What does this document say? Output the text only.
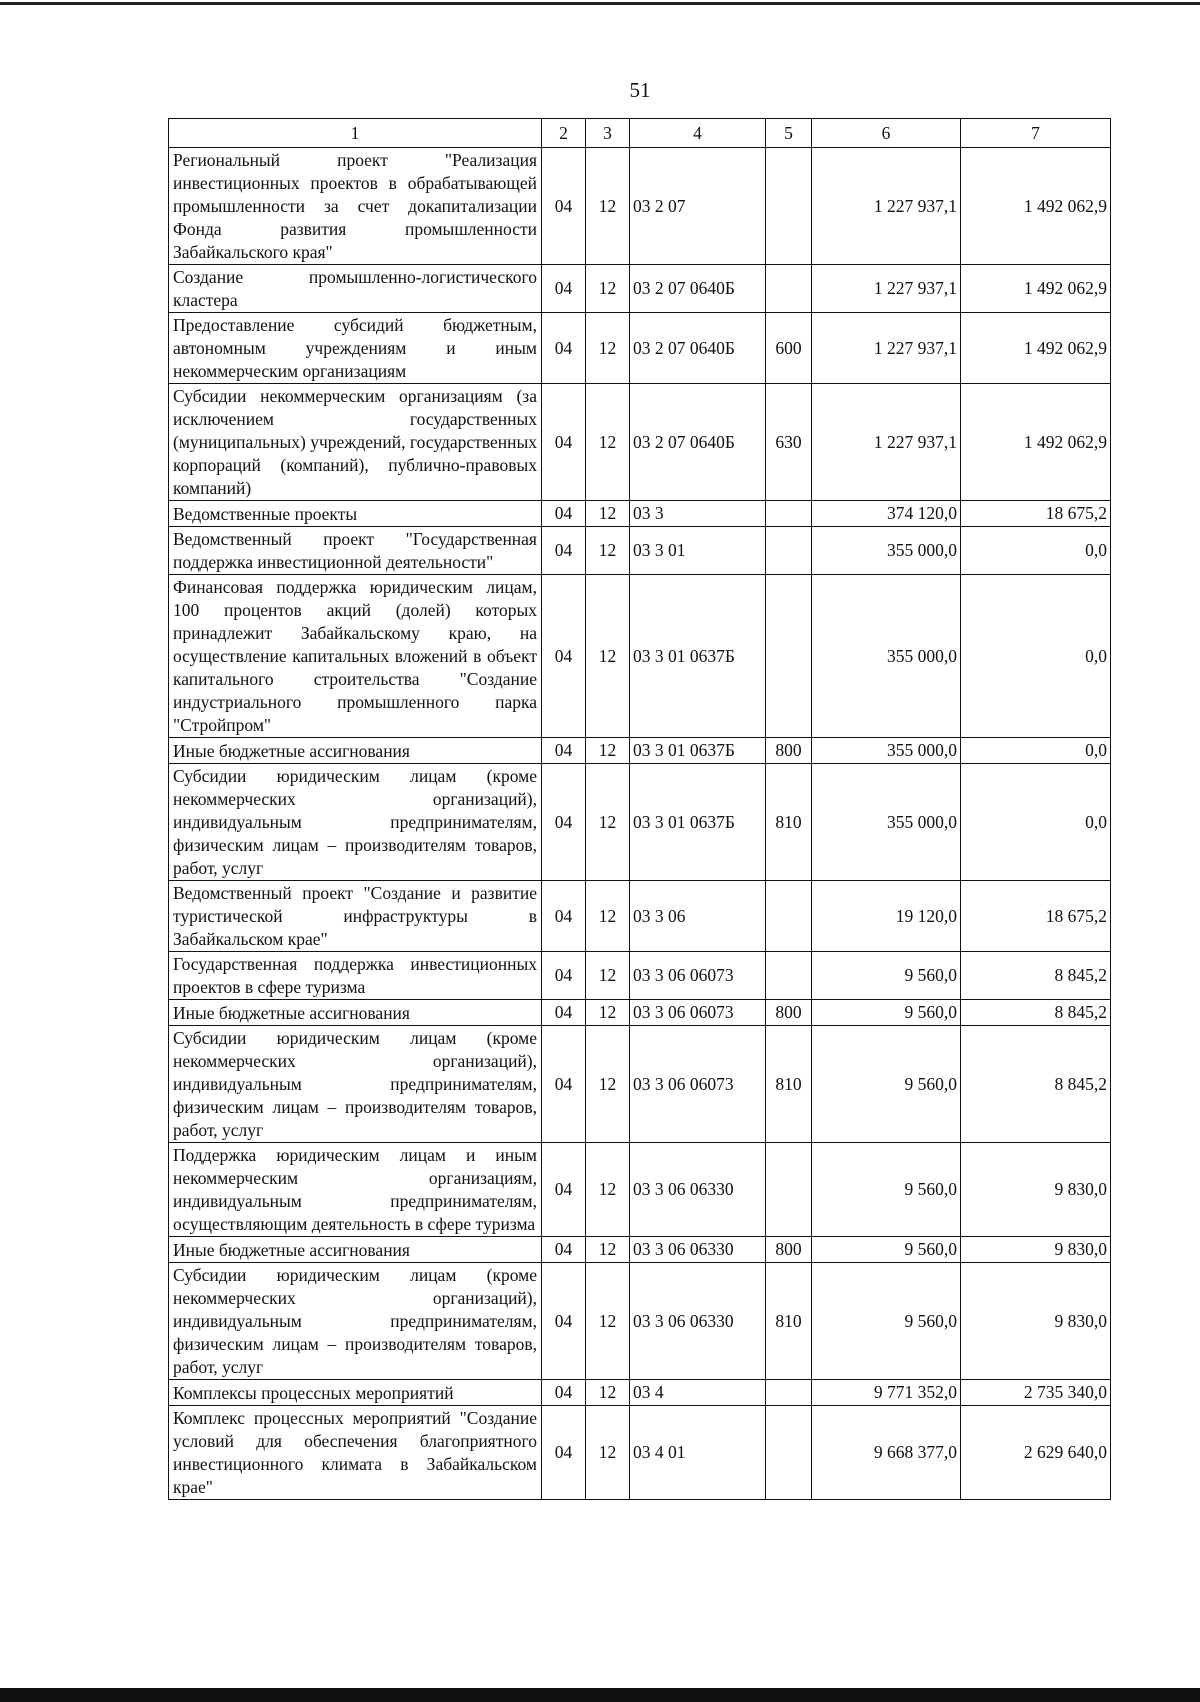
51
1	2	3	4	5	6	7
Региональный проект "Реализация инвестиционных проектов в обрабатывающей промышленности за счет докапитализации Фонда развития промышленности Забайкальского края"	04	12	03 2 07		1 227 937,1	1 492 062,9
Создание промышленно-логистического кластера	04	12	03 2 07 0640Б		1 227 937,1	1 492 062,9
Предоставление субсидий бюджетным, автономным учреждениям и иным некоммерческим организациям	04	12	03 2 07 0640Б	600	1 227 937,1	1 492 062,9
Субсидии некоммерческим организациям (за исключением государственных (муниципальных) учреждений, государственных корпораций (компаний), публично-правовых компаний)	04	12	03 2 07 0640Б	630	1 227 937,1	1 492 062,9
Ведомственные проекты	04	12	03 3		374 120,0	18 675,2
Ведомственный проект "Государственная поддержка инвестиционной деятельности"	04	12	03 3 01		355 000,0	0,0
Финансовая поддержка юридическим лицам, 100 процентов акций (долей) которых принадлежит Забайкальскому краю, на осуществление капитальных вложений в объект капитального строительства "Создание индустриального промышленного парка "Стройпром"	04	12	03 3 01 0637Б		355 000,0	0,0
Иные бюджетные ассигнования	04	12	03 3 01 0637Б	800	355 000,0	0,0
Субсидии юридическим лицам (кроме некоммерческих организаций), индивидуальным предпринимателям, физическим лицам – производителям товаров, работ, услуг	04	12	03 3 01 0637Б	810	355 000,0	0,0
Ведомственный проект "Создание и развитие туристической инфраструктуры в Забайкальском крае"	04	12	03 3 06		19 120,0	18 675,2
Государственная поддержка инвестиционных проектов в сфере туризма	04	12	03 3 06 06073		9 560,0	8 845,2
Иные бюджетные ассигнования	04	12	03 3 06 06073	800	9 560,0	8 845,2
Субсидии юридическим лицам (кроме некоммерческих организаций), индивидуальным предпринимателям, физическим лицам – производителям товаров, работ, услуг	04	12	03 3 06 06073	810	9 560,0	8 845,2
Поддержка юридическим лицам и иным некоммерческим организациям, индивидуальным предпринимателям, осуществляющим деятельность в сфере туризма	04	12	03 3 06 06330		9 560,0	9 830,0
Иные бюджетные ассигнования	04	12	03 3 06 06330	800	9 560,0	9 830,0
Субсидии юридическим лицам (кроме некоммерческих организаций), индивидуальным предпринимателям, физическим лицам – производителям товаров, работ, услуг	04	12	03 3 06 06330	810	9 560,0	9 830,0
Комплексы процессных мероприятий	04	12	03 4		9 771 352,0	2 735 340,0
Комплекс процессных мероприятий "Создание условий для обеспечения благоприятного инвестиционного климата в Забайкальском крае"	04	12	03 4 01		9 668 377,0	2 629 640,0
